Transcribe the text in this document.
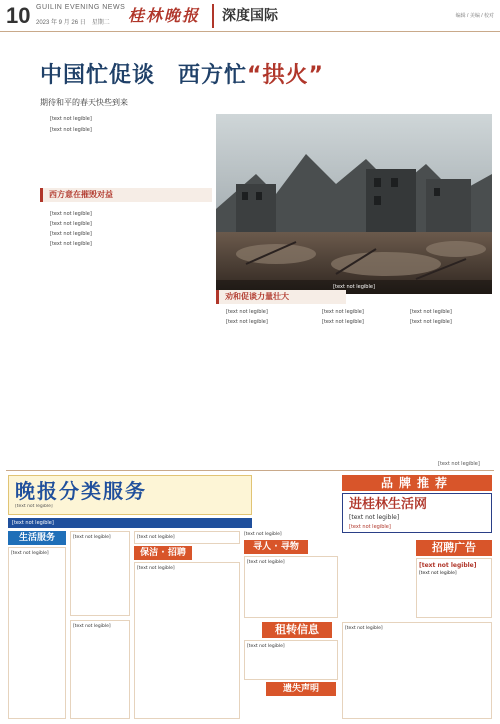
10 GUILIN EVENING NEWS
2023 年 9 月 26 日　星期二 桂林晚报	深度国际	编辑 / 美编 / 校对
中国忙促谈　西方忙“拱火”
期待和平的春天快些到来

[text not legible]

[text not legible]

[text not legible]
西方意在摧毁对益

[text not legible]

[text not legible]

[text not legible]

[text not legible]

劝和促谈力量壮大

[text not legible]

[text not legible]

[text not legible]

[text not legible]

[text not legible]

[text not legible]

[text not legible]
晚报分类服务
[text not legible]
[text not legible]
生活服务
保洁 · 招聘
寻人 · 寻物
租转信息
遗失声明
[text not legible]
[text not legible]
[text not legible]
[text not legible]
[text not legible]
[text not legible]
[text not legible]
[text not legible]
[text not legible]
品牌推荐
进桂林生活网
[text not legible]
[text not legible]
招聘广告
[text not legible]
[text not legible]
